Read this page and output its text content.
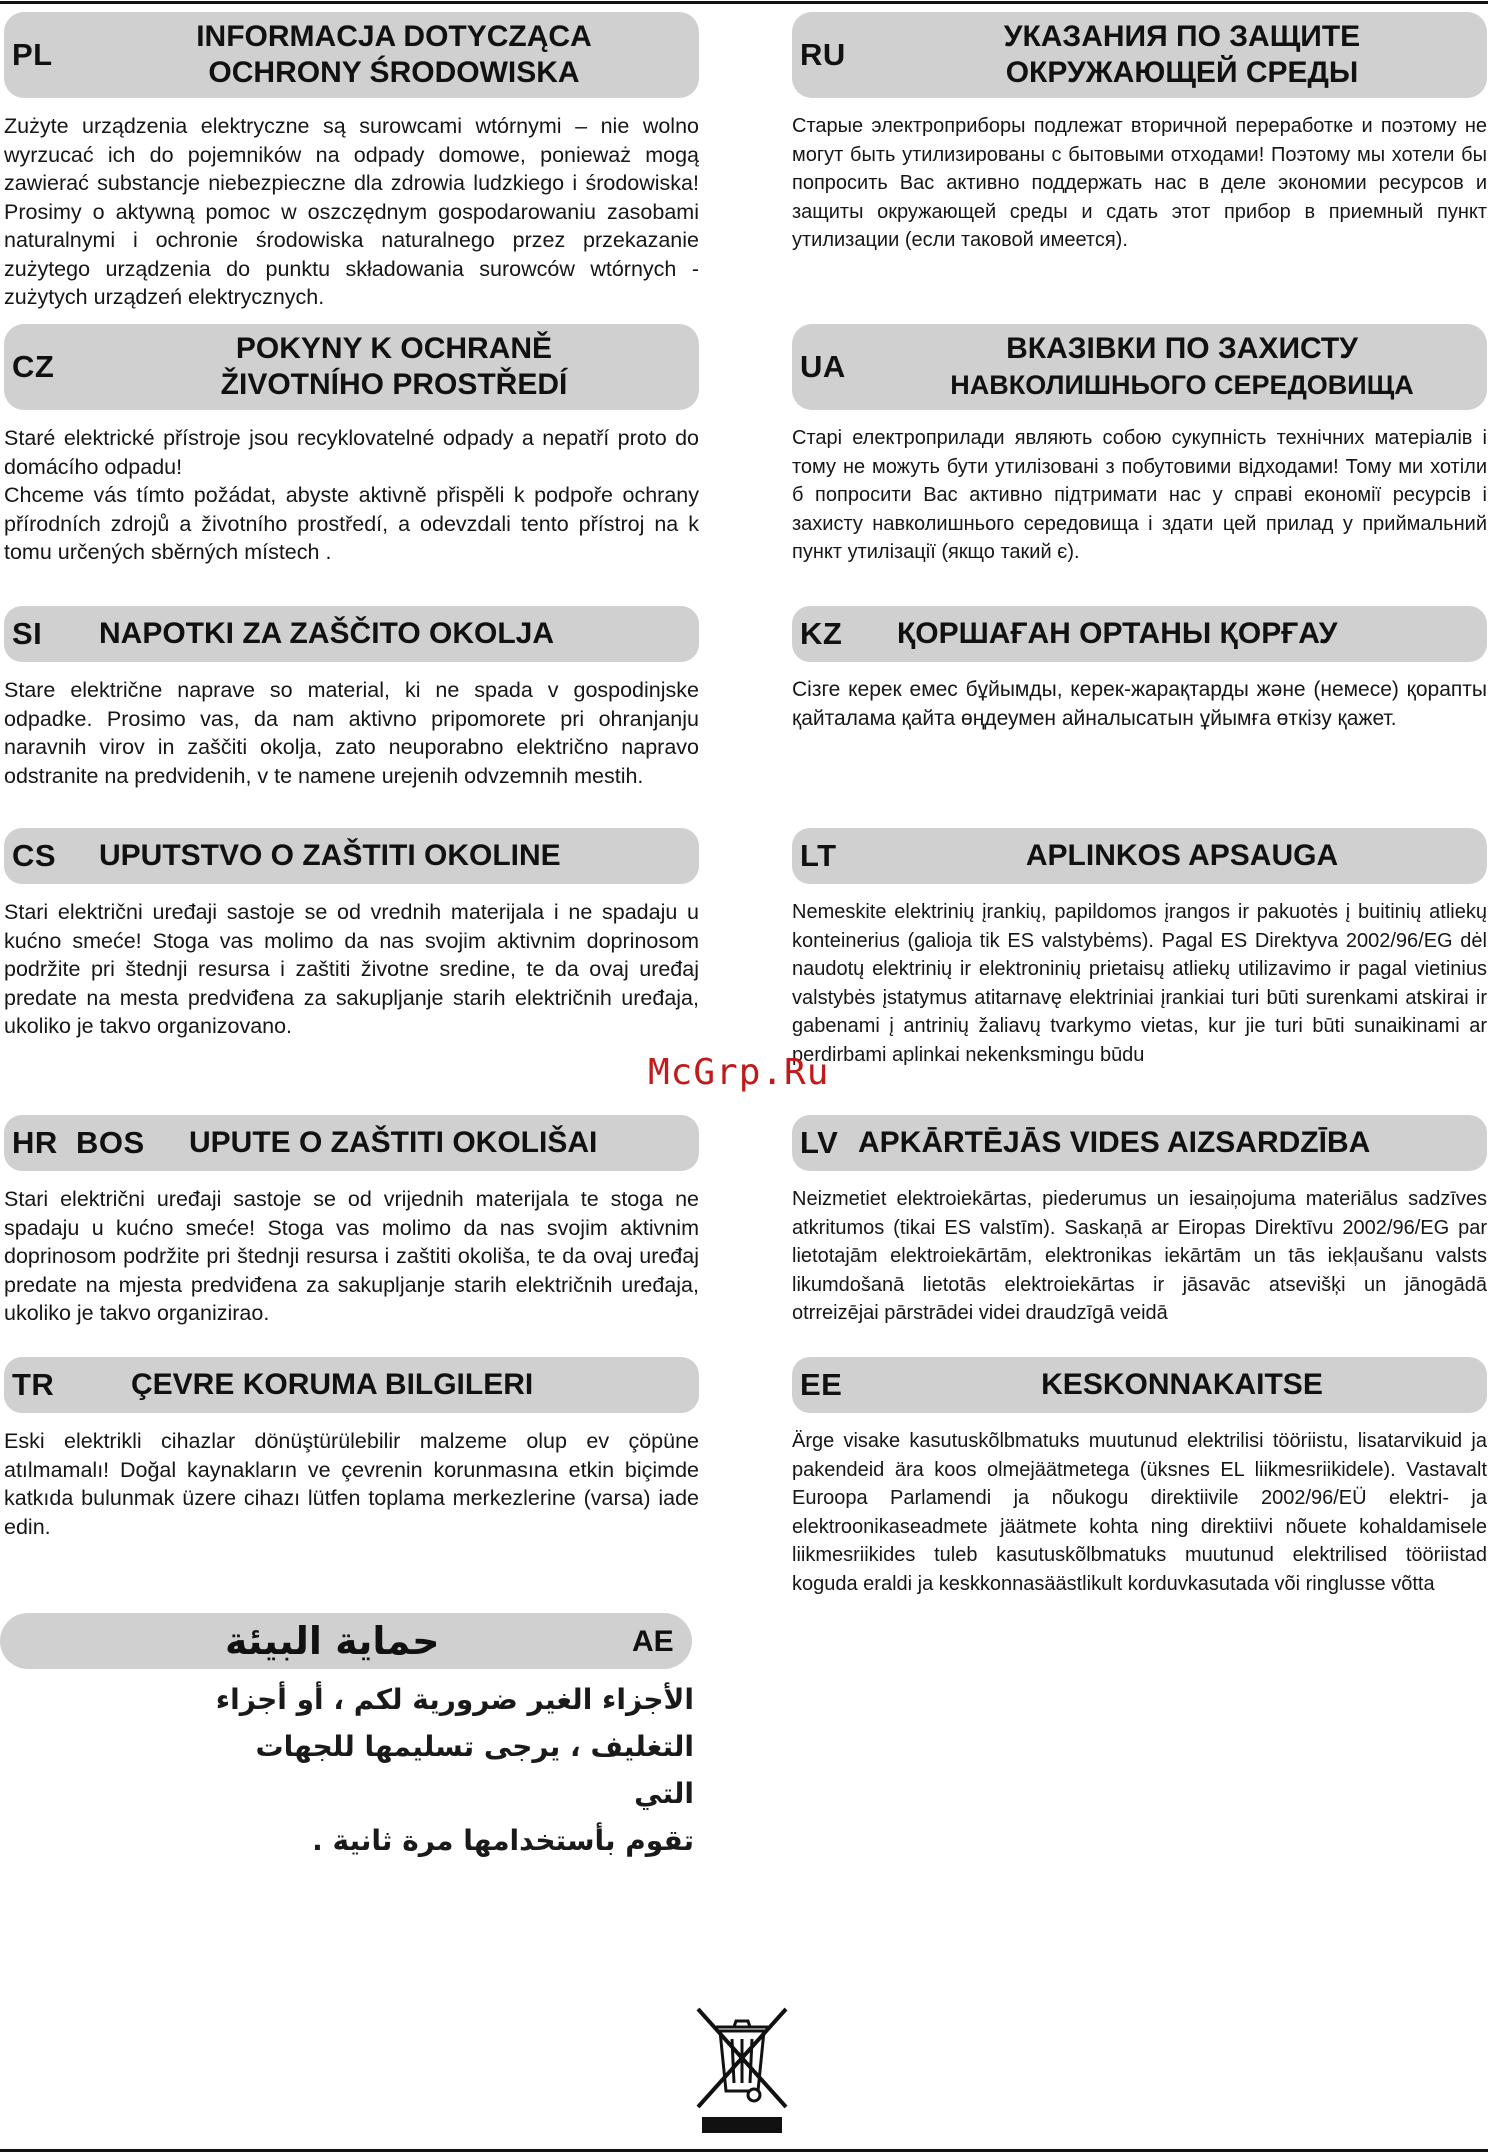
PL
INFORMACJA DOTYCZĄCA
OCHRONY ŚRODOWISKA

Zużyte urządzenia elektryczne są surowcami wtórnymi – nie wolno wyrzucać ich do pojemników na odpady domowe, ponieważ mogą zawierać substancje niebezpieczne dla zdrowia ludzkiego i środowiska! Prosimy o aktywną pomoc w oszczędnym gospodarowaniu zasobami naturalnymi i ochronie środowiska naturalnego przez przekazanie zużytego urządzenia do punktu składowania surowców wtórnych - zużytych urządzeń elektrycznych.

RU
УКАЗАНИЯ ПО ЗАЩИТЕ
ОКРУЖАЮЩЕЙ СРЕДЫ

Старые электроприборы подлежат вторичной переработке и поэтому не могут быть утилизированы с бытовыми отходами! Поэтому мы хотели бы попросить Вас активно поддержать нас в деле экономии ресурсов и защиты окружающей среды и сдать этот прибор в приемный пункт утилизации (если таковой имеется).

CZ
POKYNY K OCHRANĚ
ŽIVOTNÍHO PROSTŘEDÍ

Staré elektrické přístroje jsou recyklovatelné odpady a nepatří proto do domácího odpadu!

Chceme vás tímto požádat, abyste aktivně přispěli k podpoře ochrany přírodních zdrojů a životního prostředí, a odevzdali tento přístroj na k tomu určených sběrných místech .

UA
ВКАЗІВКИ ПО ЗАХИСТУ
НАВКОЛИШНЬОГО СЕРЕДОВИЩА

Старі електроприлади являють собою сукупність технічних матеріалів і тому не можуть бути утилізовані з побутовими відходами! Тому ми хотіли б попросити Вас активно підтримати нас у справі економії ресурсів і захисту навколишнього середовища і здати цей прилад у приймальний пункт утилізації (якщо такий є).

SI NAPOTKI ZA ZAŠČITO OKOLJA

Stare električne naprave so material, ki ne spada v gospodinjske odpadke. Prosimo vas, da nam aktivno pripomorete pri ohranjanju naravnih virov in zaščiti okolja, zato neuporabno električno napravo odstranite na predvidenih, v te namene urejenih odvzemnih mestih.

KZ ҚОРШАҒАН ОРТАНЫ ҚОРҒАУ

Сізге керек емес бұйымды, керек-жарақтарды және (немесе) қорапты қайталама қайта өңдеумен айналысатын ұйымға өткізу қажет.

CS UPUTSTVO O ZAŠTITI OKOLINE

Stari električni uređaji sastoje se od vrednih materijala i ne spadaju u kućno smeće! Stoga vas molimo da nas svojim aktivnim doprinosom podržite pri štednji resursa i zaštiti životne sredine, te da ovaj uređaj predate na mesta predviđena za sakupljanje starih električnih uređaja, ukoliko je takvo organizovano.

LT	APLINKOS APSAUGA

Nemeskite elektrinių įrankių, papildomos įrangos ir pakuotės į buitinių atliekų konteinerius (galioja tik ES valstybėms). Pagal ES Direktyva 2002/96/EG dėl naudotų elektrinių ir elektroninių prietaisų atliekų utilizavimo ir pagal vietinius valstybės įstatymus atitarnavę elektriniai įrankiai turi būti surenkami atskirai ir gabenami į antrinių žaliavų tvarkymo vietas, kur jie turi būti sunaikinami ar perdirbami aplinkai nekenksmingu būdu

HR BOS UPUTE O ZAŠTITI OKOLIŠAI

Stari električni uređaji sastoje se od vrijednih materijala te stoga ne spadaju u kućno smeće! Stoga vas molimo da nas svojim aktivnim doprinosom podržite pri štednji resursa i zaštiti okoliša, te da ovaj uređaj predate na mjesta predviđena za sakupljanje starih električnih uređaja, ukoliko je takvo organizirao.

LV APKĀRTĒJĀS VIDES AIZSARDZĪBA

Neizmetiet elektroiekārtas, piederumus un iesaiņojuma materiālus sadzīves atkritumos (tikai ES valstīm). Saskaņā ar Eiropas Direktīvu 2002/96/EG par lietotajām elektroiekārtām, elektronikas iekārtām un tās iekļaušanu valsts likumdošanā lietotās elektroiekārtas ir jāsavāc atsevišķi un jānogādā otrreizējai pārstrādei videi draudzīgā veidā

TR	ÇEVRE KORUMA BILGILERI

Eski elektrikli cihazlar dönüştürülebilir malzeme olup ev çöpüne atılmamalı! Doğal kaynakların ve çevrenin korunmasına etkin biçimde katkıda bulunmak üzere cihazı lütfen toplama merkezlerine (varsa) iade edin.

EE	KESKONNAKAITSE

Ärge visake kasutuskõlbmatuks muutunud elektrilisi tööriistu, lisatarvikuid ja pakendeid ära koos olmejäätmetega (üksnes EL liikmesriikidele). Vastavalt Euroopa Parlamendi ja nõukogu direktiivile 2002/96/EÜ elektri- ja elektroonikaseadmete jäätmete kohta ning direktiivi nõuete kohaldamisele liikmesriikides tuleb kasutuskõlbmatuks muutunud elektrilised tööriistad koguda eraldi ja keskkonnasäästlikult korduvkasutada või ringlusse võtta

حماية البيئة	AE
الأجزاء الغير ضرورية لكم ، أو أجزاء
التغليف ، يرجى تسليمها للجهات التي
تقوم بأستخدامها مرة ثانية .
McGrp.Ru
